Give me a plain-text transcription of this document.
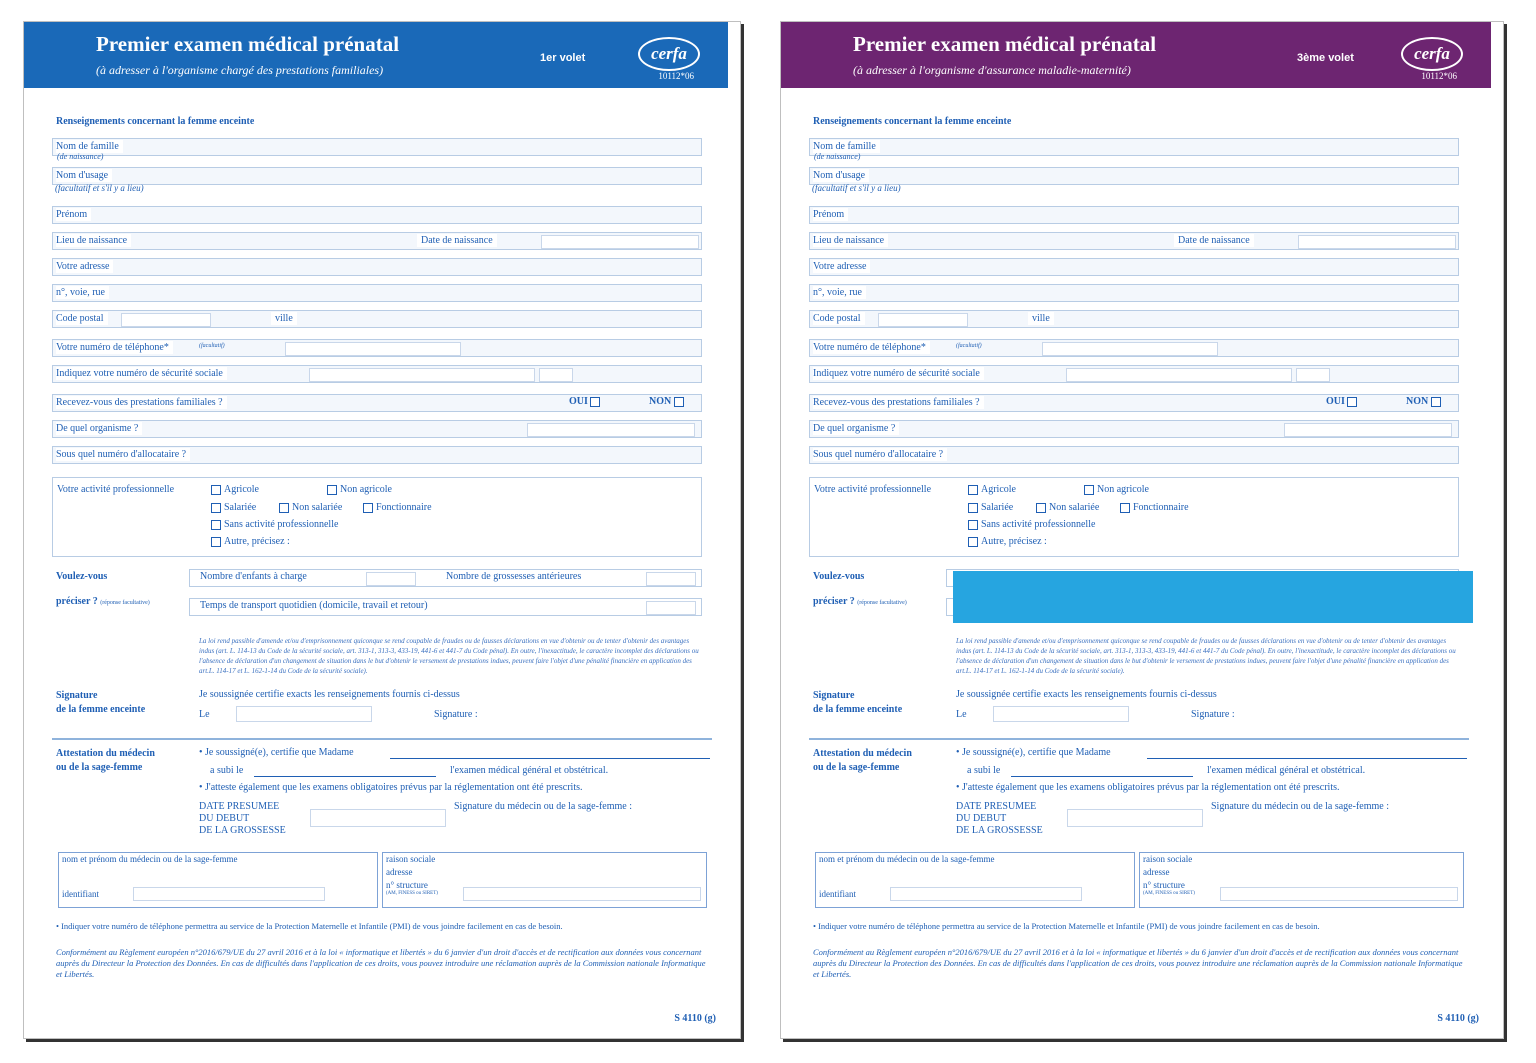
Premier examen médical prénatal
(à adresser à l'organisme chargé des prestations familiales)
1er volet	cerfa
10112*06
Renseignements concernant la femme enceinte
Nom de famille
(de naissance)
Nom d'usage
(facultatif et s'il y a lieu)
Prénom
Lieu de naissance	Date de naissance
Votre adresse
n°, voie, rue
Code postal	ville
Votre numéro de téléphone*	(facultatif)
Indiquez votre numéro de sécurité sociale
Recevez-vous des prestations familiales ?	OUI	NON
De quel organisme ?
Sous quel numéro d'allocataire ?
Votre activité professionnelle	Agricole	Non agricole
Salariée	Non salariée	Fonctionnaire
Sans activité professionnelle
Autre, précisez :
Voulez-vous
préciser ? (réponse facultative)
Nombre d'enfants à charge	Nombre de grossesses antérieures
Temps de transport quotidien (domicile, travail et retour)
La loi rend passible d'amende et/ou d'emprisonnement quiconque se rend coupable de fraudes ou de fausses déclarations en vue d'obtenir ou de tenter d'obtenir des avantages indus (art. L. 114-13 du Code de la sécurité sociale, art. 313-1, 313-3, 433-19, 441-6 et 441-7 du Code pénal). En outre, l'inexactitude, le caractère incomplet des déclarations ou l'absence de déclaration d'un changement de situation dans le but d'obtenir le versement de prestations indues, peuvent faire l'objet d'une pénalité financière en application des art.L. 114-17 et L. 162-1-14 du Code de la sécurité sociale).
Signature
de la femme enceinte
Je soussignée certifie exacts les renseignements fournis ci-dessus
Le	Signature :
Attestation du médecin
ou de la sage-femme
• Je soussigné(e), certifie que Madame
a subi le	l'examen médical général et obstétrical.
• J'atteste également que les examens obligatoires prévus par la réglementation ont été prescrits.
DATE PRESUMEE
DU DEBUT
DE LA GROSSESSE
Signature du médecin ou de la sage-femme :
nom et prénom du médecin ou de la sage-femme
identifiant
raison sociale
adresse
n° structure
(AM, FINESS ou SIRET)
• Indiquer votre numéro de téléphone permettra au service de la Protection Maternelle et Infantile (PMI) de vous joindre facilement en cas de besoin.
Conformément au Règlement européen n°2016/679/UE du 27 avril 2016 et à la loi « informatique et libertés » du 6 janvier d'un droit d'accès et de rectification aux données vous concernant auprès du Directeur la Protection des Données. En cas de difficultés dans l'application de ces droits, vous pouvez introduire une réclamation auprès de la Commission nationale Informatique et Libertés.
S 4110 (g)
Premier examen médical prénatal
(à adresser à l'organisme d'assurance maladie-maternité)
3ème volet	cerfa
10112*06
Renseignements concernant la femme enceinte
Nom de famille
(de naissance)
Nom d'usage
(facultatif et s'il y a lieu)
Prénom
Lieu de naissance	Date de naissance
Votre adresse
n°, voie, rue
Code postal	ville
Votre numéro de téléphone*	(facultatif)
Indiquez votre numéro de sécurité sociale
Recevez-vous des prestations familiales ?	OUI	NON
De quel organisme ?
Sous quel numéro d'allocataire ?
Votre activité professionnelle	Agricole	Non agricole
Salariée	Non salariée	Fonctionnaire
Sans activité professionnelle
Autre, précisez :
Voulez-vous
préciser ? (réponse facultative)
La loi rend passible d'amende et/ou d'emprisonnement quiconque se rend coupable de fraudes ou de fausses déclarations en vue d'obtenir ou de tenter d'obtenir des avantages indus (art. L. 114-13 du Code de la sécurité sociale, art. 313-1, 313-3, 433-19, 441-6 et 441-7 du Code pénal). En outre, l'inexactitude, le caractère incomplet des déclarations ou l'absence de déclaration d'un changement de situation dans le but d'obtenir le versement de prestations indues, peuvent faire l'objet d'une pénalité financière en application des art.L. 114-17 et L. 162-1-14 du Code de la sécurité sociale).
Signature
de la femme enceinte
Je soussignée certifie exacts les renseignements fournis ci-dessus
Le	Signature :
Attestation du médecin
ou de la sage-femme
• Je soussigné(e), certifie que Madame
a subi le	l'examen médical général et obstétrical.
• J'atteste également que les examens obligatoires prévus par la réglementation ont été prescrits.
DATE PRESUMEE
DU DEBUT
DE LA GROSSESSE
Signature du médecin ou de la sage-femme :
nom et prénom du médecin ou de la sage-femme
identifiant
raison sociale
adresse
n° structure
(AM, FINESS ou SIRET)
• Indiquer votre numéro de téléphone permettra au service de la Protection Maternelle et Infantile (PMI) de vous joindre facilement en cas de besoin.
Conformément au Règlement européen n°2016/679/UE du 27 avril 2016 et à la loi « informatique et libertés » du 6 janvier d'un droit d'accès et de rectification aux données vous concernant auprès du Directeur la Protection des Données. En cas de difficultés dans l'application de ces droits, vous pouvez introduire une réclamation auprès de la Commission nationale Informatique et Libertés.
S 4110 (g)
